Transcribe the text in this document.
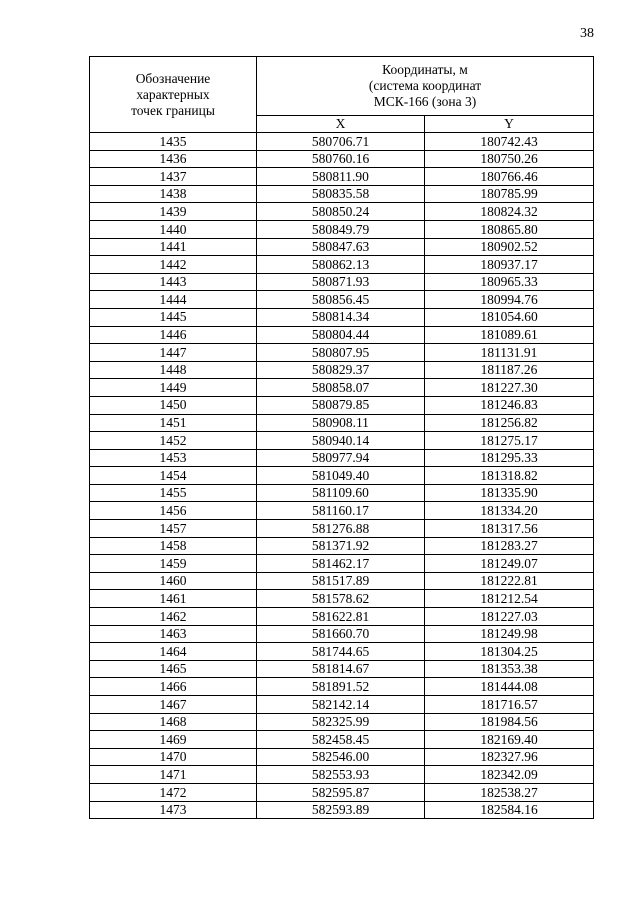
38
Обозначение
характерных
точек границы	Координаты, м
(система координат
МСК-166 (зона 3)	

	X	Y
1435	580706.71	180742.43
1436	580760.16	180750.26
1437	580811.90	180766.46
1438	580835.58	180785.99
1439	580850.24	180824.32
1440	580849.79	180865.80
1441	580847.63	180902.52
1442	580862.13	180937.17
1443	580871.93	180965.33
1444	580856.45	180994.76
1445	580814.34	181054.60
1446	580804.44	181089.61
1447	580807.95	181131.91
1448	580829.37	181187.26
1449	580858.07	181227.30
1450	580879.85	181246.83
1451	580908.11	181256.82
1452	580940.14	181275.17
1453	580977.94	181295.33
1454	581049.40	181318.82
1455	581109.60	181335.90
1456	581160.17	181334.20
1457	581276.88	181317.56
1458	581371.92	181283.27
1459	581462.17	181249.07
1460	581517.89	181222.81
1461	581578.62	181212.54
1462	581622.81	181227.03
1463	581660.70	181249.98
1464	581744.65	181304.25
1465	581814.67	181353.38
1466	581891.52	181444.08
1467	582142.14	181716.57
1468	582325.99	181984.56
1469	582458.45	182169.40
1470	582546.00	182327.96
1471	582553.93	182342.09
1472	582595.87	182538.27
1473	582593.89	182584.16
